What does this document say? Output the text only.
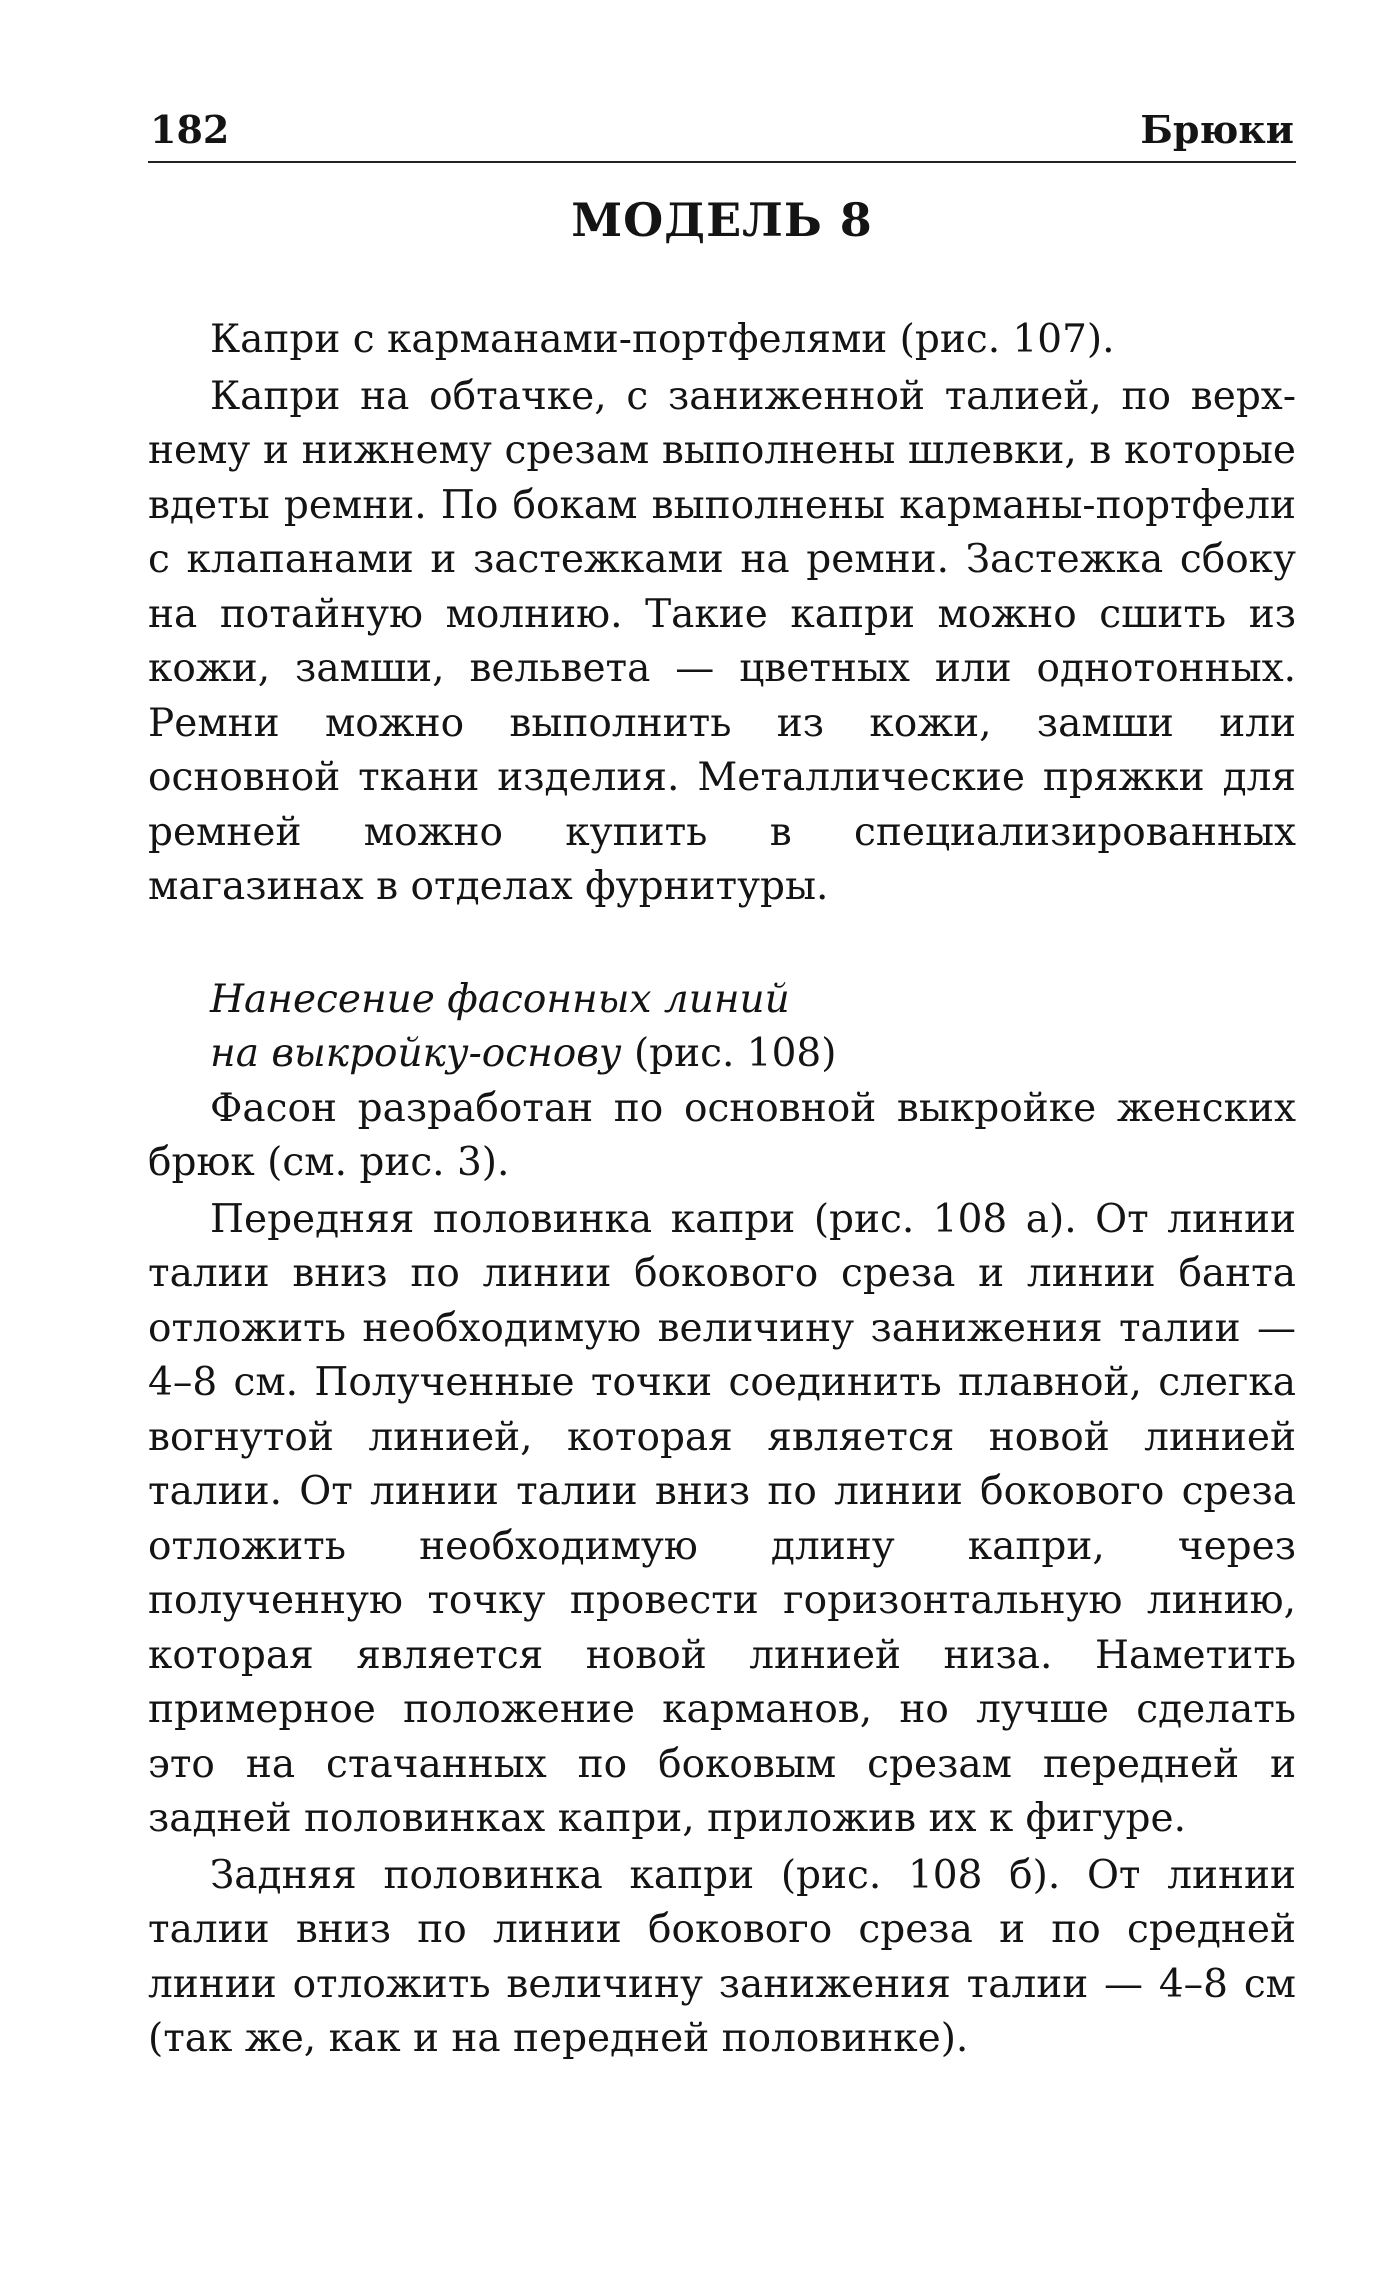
182	Брюки
МОДЕЛЬ 8

Капри с карманами-портфелями (рис. 107).

Капри на обтачке, с заниженной талией, по верхнему и нижнему срезам выполнены шлевки, в которые вдеты ремни. По бокам выполнены карманы-портфели с клапанами и застежками на ремни. Застежка сбоку на потайную молнию. Такие капри можно сшить из кожи, замши, вельвета — цветных или однотонных. Ремни можно выполнить из кожи, замши или основной ткани изделия. Металлические пряжки для ремней можно купить в специализированных магазинах в отделах фурнитуры.

Нанесение фасонных линий
на выкройку-основу (рис. 108)

Фасон разработан по основной выкройке женских брюк (см. рис. 3).

Передняя половинка капри (рис. 108 а). От линии талии вниз по линии бокового среза и линии банта отложить необходимую величину занижения талии — 4–8 см. Полученные точки соединить плавной, слегка вогнутой линией, которая является новой линией талии. От линии талии вниз по линии бокового среза отложить необходимую длину капри, через полученную точку провести горизонтальную линию, которая является новой линией низа. Наметить примерное положение карманов, но лучше сделать это на стачанных по боковым срезам передней и задней половинках капри, приложив их к фигуре.

Задняя половинка капри (рис. 108 б). От линии талии вниз по линии бокового среза и по средней линии отложить величину занижения талии — 4–8 см (так же, как и на передней половинке).
